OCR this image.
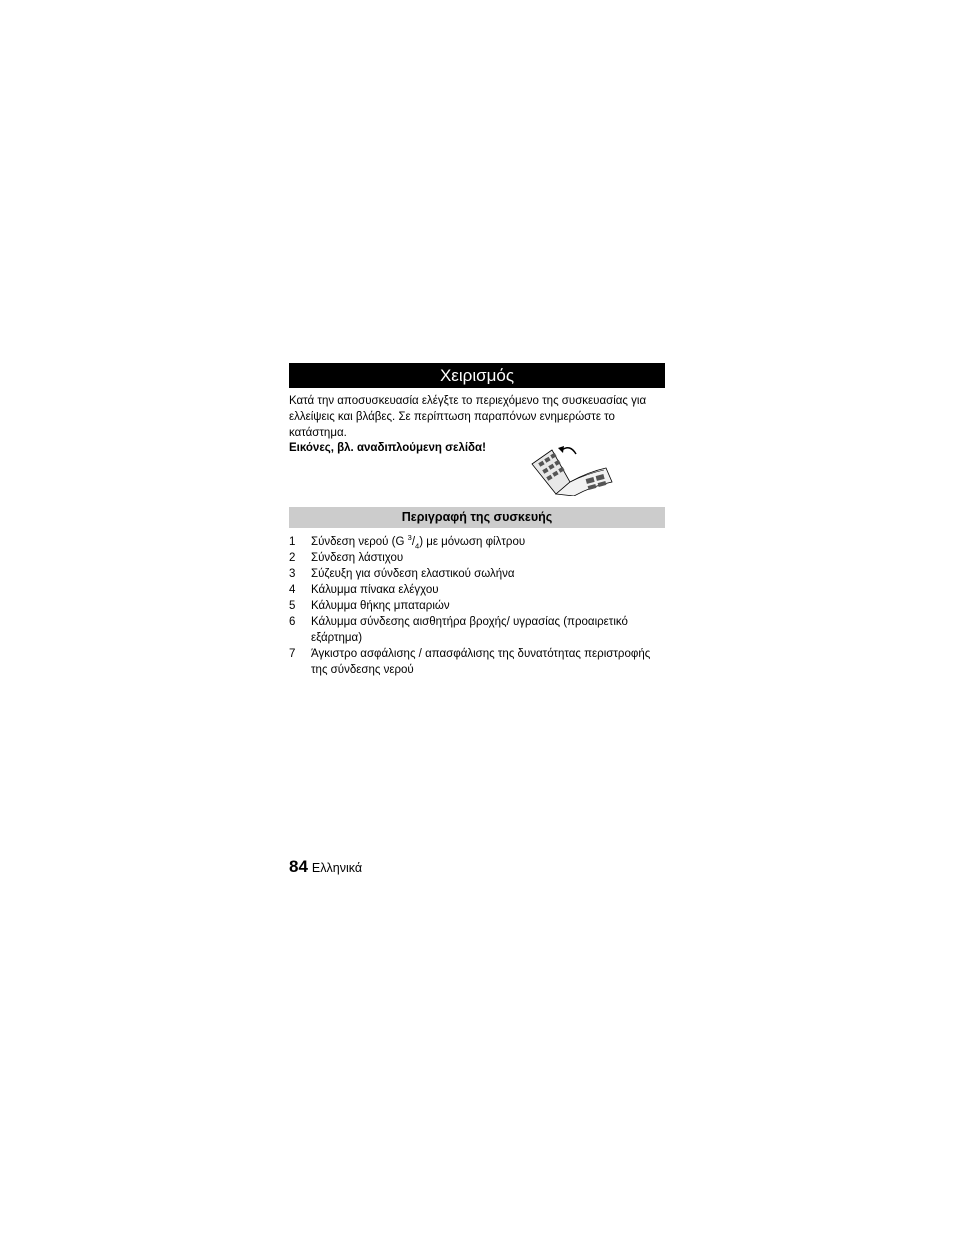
Χειρισμός

Κατά την αποσυσκευασία ελέγξτε το περιεχόμενο της συσκευασίας για ελλείψεις και βλάβες. Σε περίπτωση παραπόνων ενημερώστε το κατάστημα.

Εικόνες, βλ. αναδιπλούμενη σελίδα!
Περιγραφή της συσκευής
1	Σύνδεση νερού (G $^3/_4$) με μόνωση φίλτρου
2	Σύνδεση λάστιχου
3	Σύζευξη για σύνδεση ελαστικού σωλήνα
4	Κάλυμμα πίνακα ελέγχου
5	Κάλυμμα θήκης μπαταριών
6	Κάλυμμα σύνδεσης αισθητήρα βροχής/ υγρασίας (προαιρετικό εξάρτημα)
7	Άγκιστρο ασφάλισης / απασφάλισης της δυνατότητας περιστροφής της σύνδεσης νερού
84 Ελληνικά
